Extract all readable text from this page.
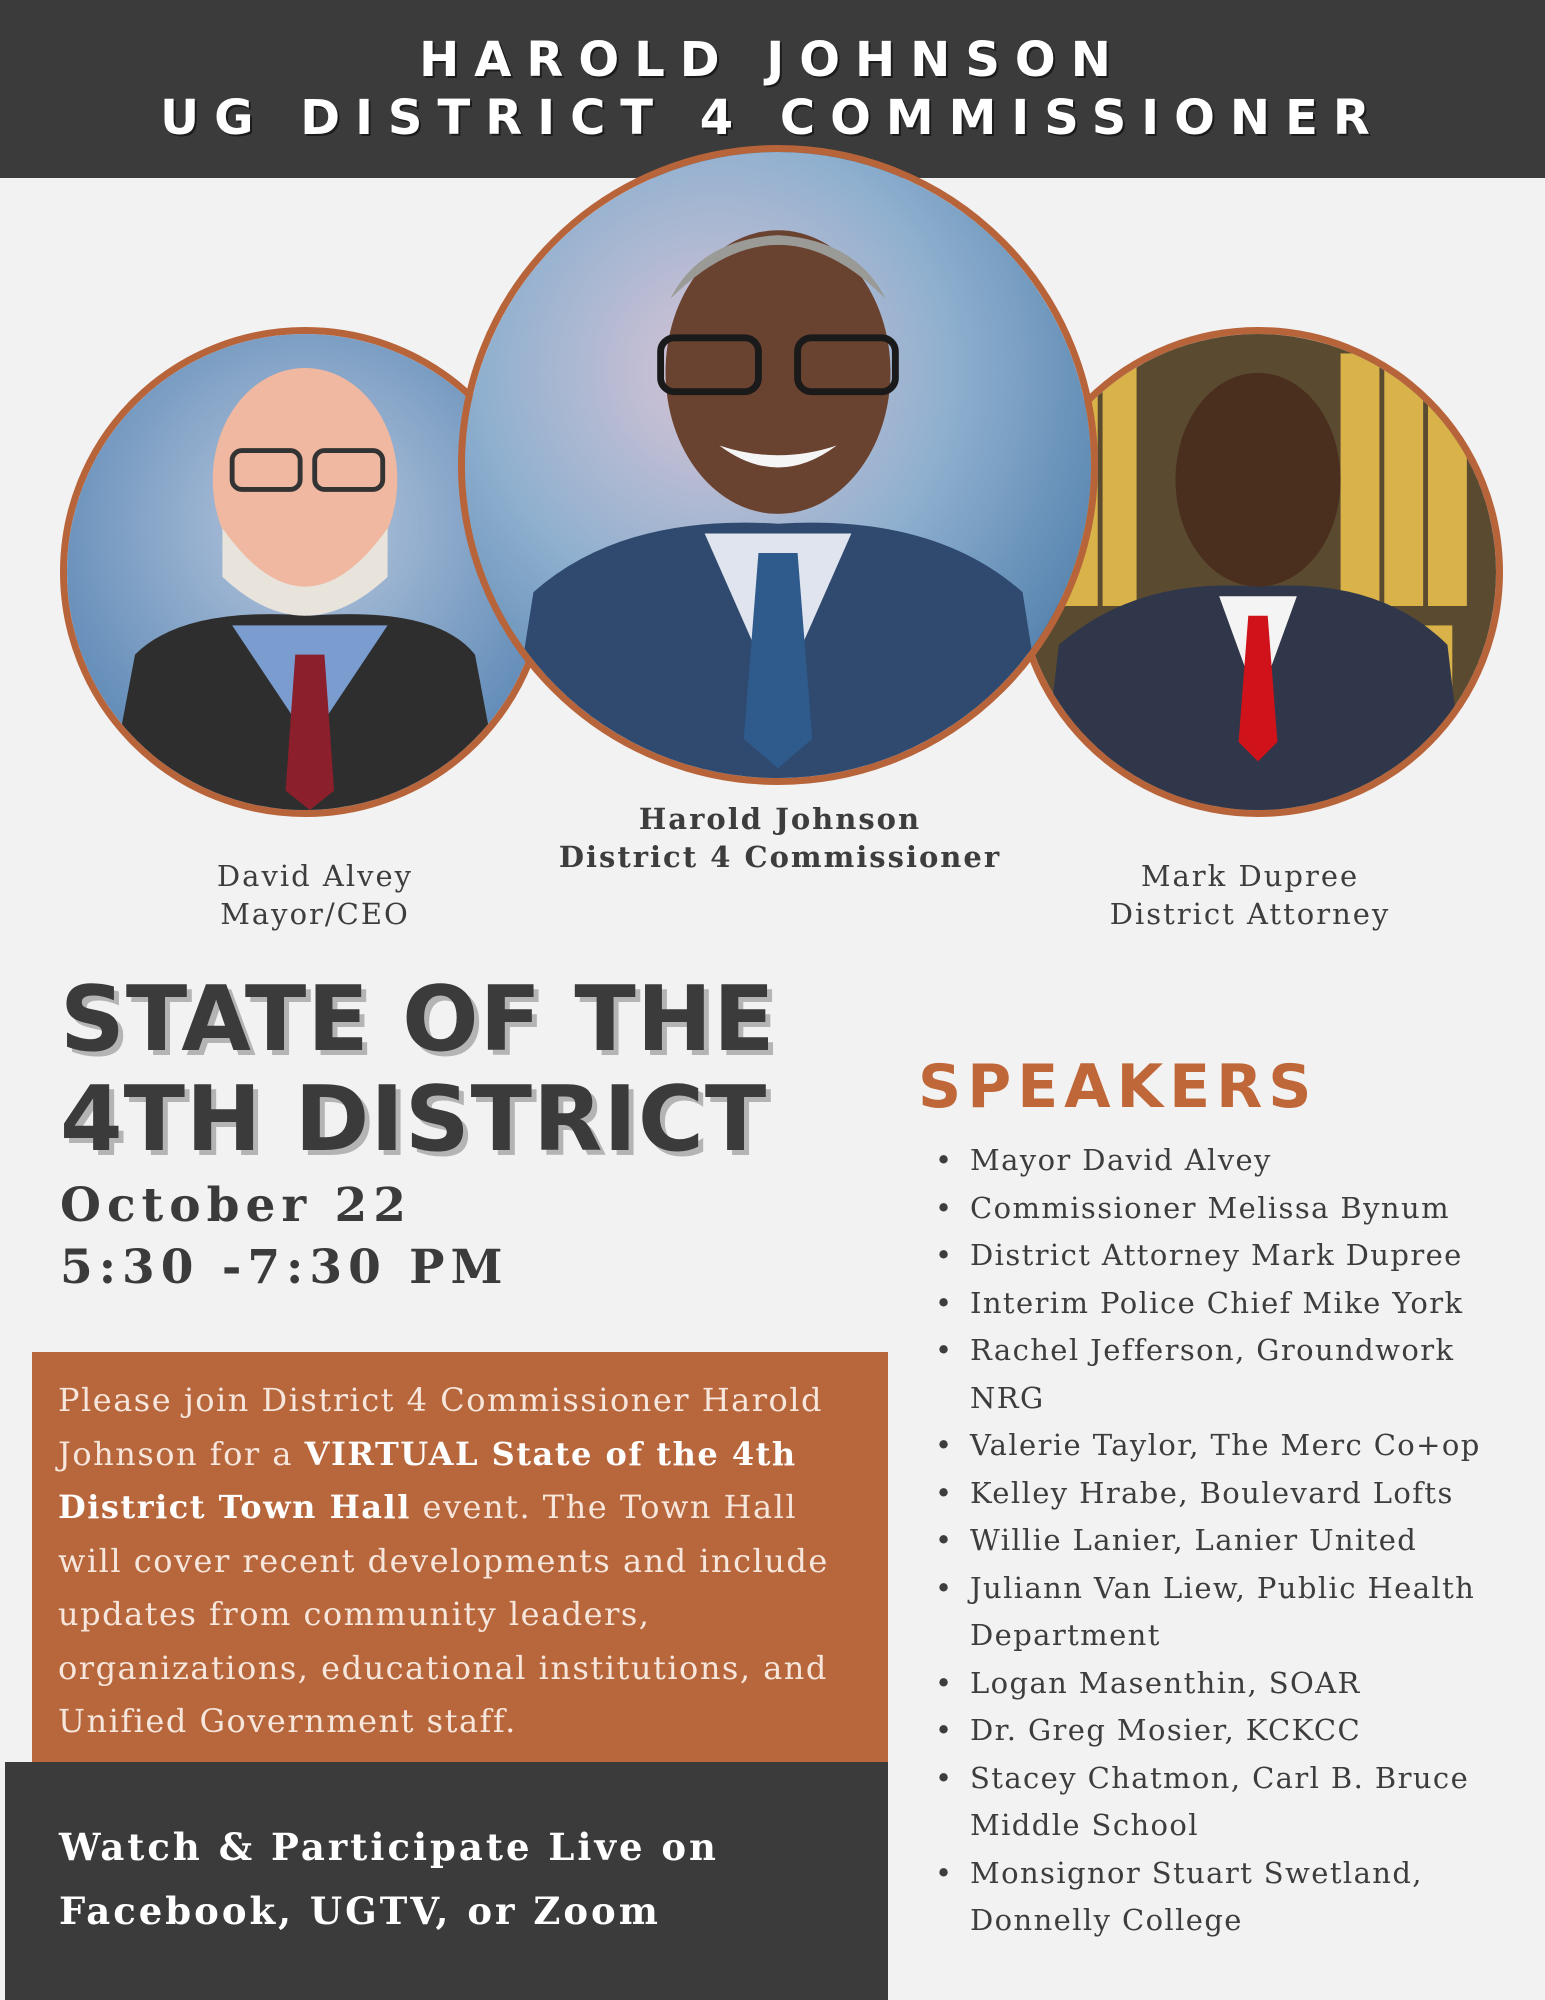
HAROLD JOHNSON
UG DISTRICT 4 COMMISSIONER
David Alvey
Mayor/CEO
Harold Johnson
District 4 Commissioner
Mark Dupree
District Attorney
STATE OF THE
4TH DISTRICT
October 22
5:30 -7:30 PM
Please join District 4 Commissioner Harold Johnson for a VIRTUAL State of the 4th District Town Hall event. The Town Hall will cover recent developments and include updates from community leaders, organizations, educational institutions, and Unified Government staff.
Watch & Participate Live on
Facebook, UGTV, or Zoom
SPEAKERS
• Mayor David Alvey
• Commissioner Melissa Bynum
• District Attorney Mark Dupree
• Interim Police Chief Mike York
• Rachel Jefferson, Groundwork
NRG
• Valerie Taylor, The Merc Co+op
• Kelley Hrabe, Boulevard Lofts
• Willie Lanier, Lanier United
• Juliann Van Liew, Public Health
Department
• Logan Masenthin, SOAR
• Dr. Greg Mosier, KCKCC
• Stacey Chatmon, Carl B. Bruce
Middle School
• Monsignor Stuart Swetland,
Donnelly College
